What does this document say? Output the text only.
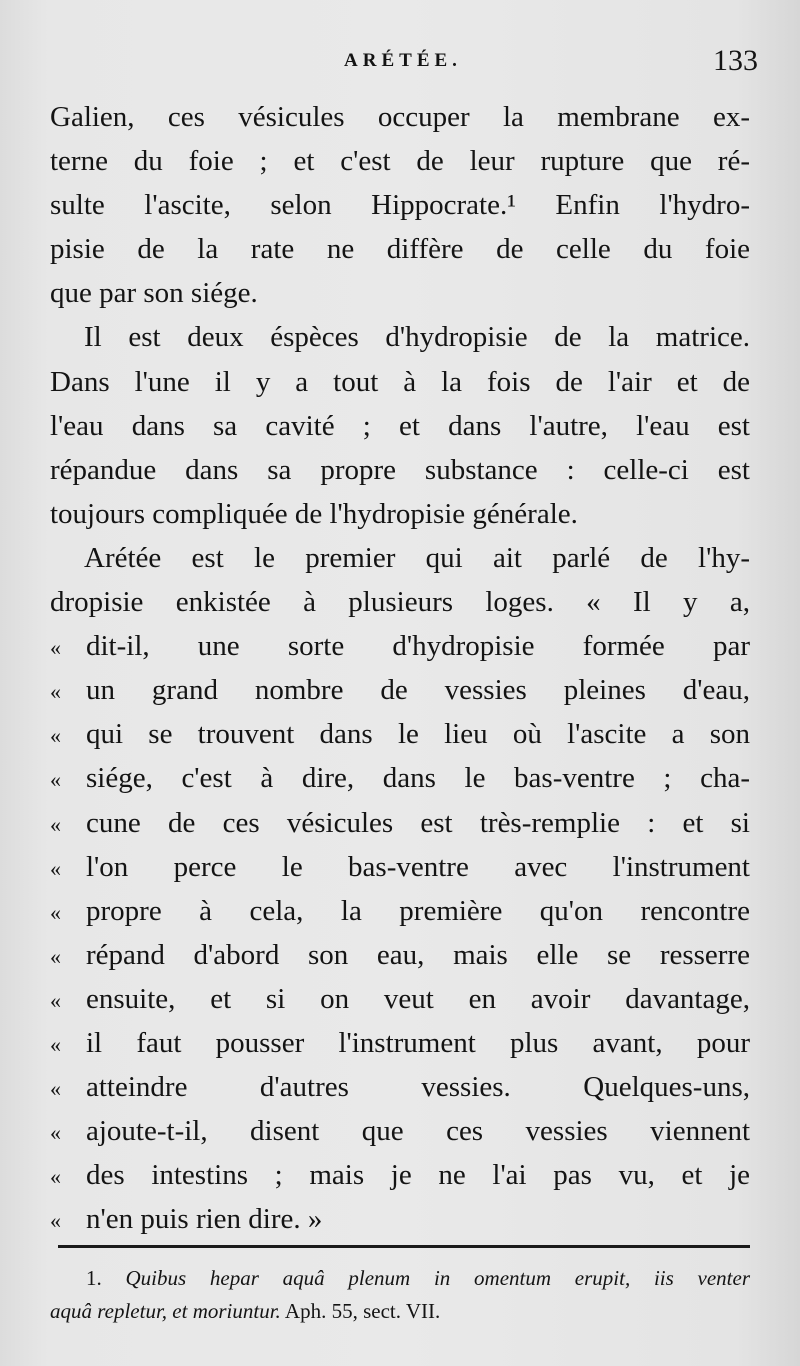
ARÉTÉE.	133
Galien, ces vésicules occuper la membrane ex-
terne du foie ; et c'est de leur rupture que ré-
sulte l'ascite, selon Hippocrate.¹ Enfin l'hydro-
pisie de la rate ne diffère de celle du foie
que par son siége.
Il est deux éspèces d'hydropisie de la matrice.
Dans l'une il y a tout à la fois de l'air et de
l'eau dans sa cavité ; et dans l'autre, l'eau est
répandue dans sa propre substance : celle-ci est
toujours compliquée de l'hydropisie générale.
Arétée est le premier qui ait parlé de l'hy-
dropisie enkistée à plusieurs loges. « Il y a,
« dit-il, une sorte d'hydropisie formée par
« un grand nombre de vessies pleines d'eau,
« qui se trouvent dans le lieu où l'ascite a son
« siége, c'est à dire, dans le bas-ventre ; cha-
« cune de ces vésicules est très-remplie : et si
« l'on perce le bas-ventre avec l'instrument
« propre à cela, la première qu'on rencontre
« répand d'abord son eau, mais elle se resserre
« ensuite, et si on veut en avoir davantage,
« il faut pousser l'instrument plus avant, pour
« atteindre d'autres vessies. Quelques-uns,
« ajoute-t-il, disent que ces vessies viennent
« des intestins ; mais je ne l'ai pas vu, et je
« n'en puis rien dire. »
1. Quibus hepar aquâ plenum in omentum erupit, iis venter
aquâ repletur, et moriuntur. Aph. 55, sect. VII.
